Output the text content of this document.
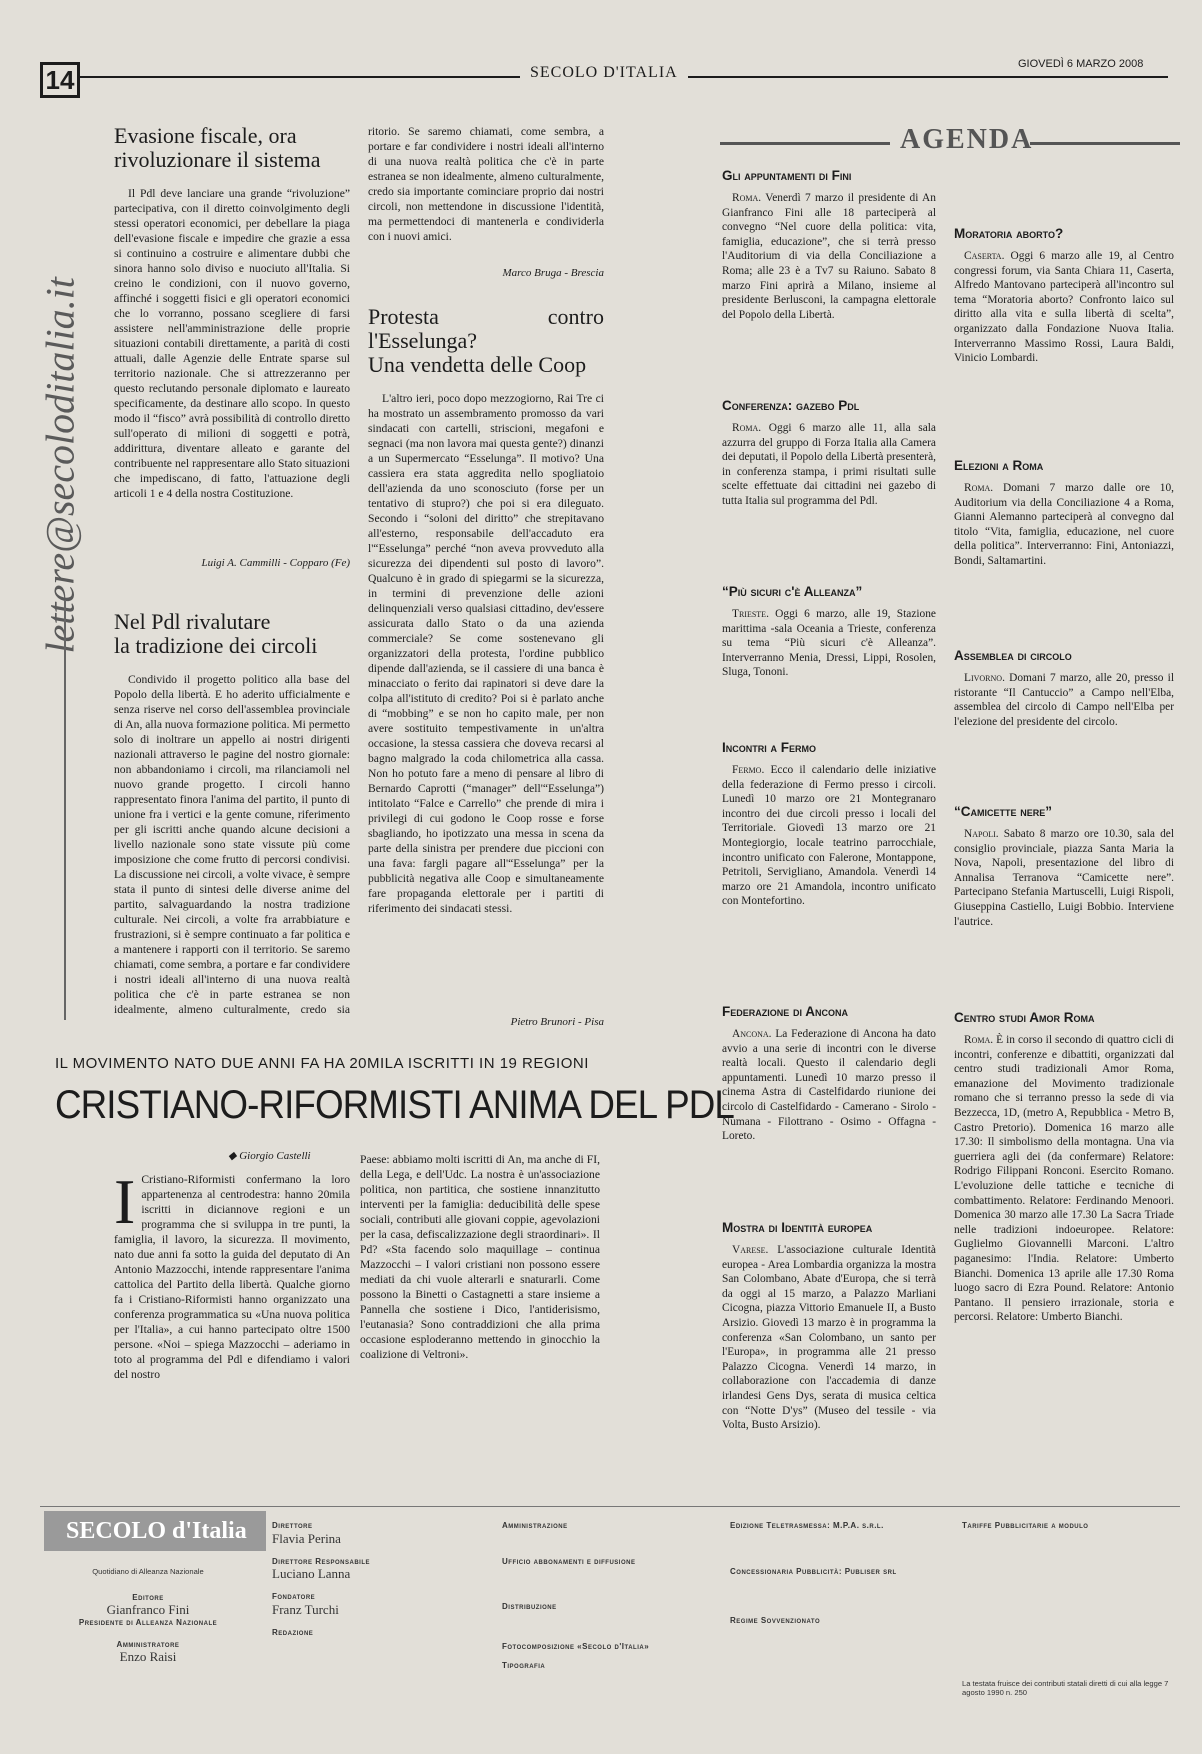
14	SECOLO D'ITALIA	GIOVEDÌ 6 MARZO 2008
lettere@secoloditalia.it
Evasione fiscale, ora
rivoluzionare il sistema

Il Pdl deve lanciare una grande “rivoluzione” partecipativa, con il diretto coinvolgimento degli stessi operatori economici, per debellare la piaga dell'evasione fiscale e impedire che grazie a essa si continuino a costruire e alimentare dubbi che sinora hanno solo diviso e nuociuto all'Italia. Si creino le condizioni, con il nuovo governo, affinché i soggetti fisici e gli operatori economici che lo vorranno, possano scegliere di farsi assistere nell'amministrazione delle proprie situazioni contabili direttamente, a parità di costi attuali, dalle Agenzie delle Entrate sparse sul territorio nazionale. Che si attrezzeranno per questo reclutando personale diplomato e laureato specificamente, da destinare allo scopo. In questo modo il “fisco” avrà possibilità di controllo diretto sull'operato di milioni di soggetti e potrà, addirittura, diventare alleato e garante del contribuente nel rappresentare allo Stato situazioni che impediscano, di fatto, l'attuazione degli articoli 1 e 4 della nostra Costituzione.

Luigi A. Cammilli - Copparo (Fe)
Nel Pdl rivalutare
la tradizione dei circoli

Condivido il progetto politico alla base del Popolo della libertà. E ho aderito ufficialmente e senza riserve nel corso dell'assemblea provinciale di An, alla nuova formazione politica. Mi permetto solo di inoltrare un appello ai nostri dirigenti nazionali attraverso le pagine del nostro giornale: non abbandoniamo i circoli, ma rilanciamoli nel nuovo grande progetto. I circoli hanno rappresentato finora l'anima del partito, il punto di unione fra i vertici e la gente comune, riferimento per gli iscritti anche quando alcune decisioni a livello nazionale sono state vissute più come imposizione che come frutto di percorsi condivisi. La discussione nei circoli, a volte vivace, è sempre stata il punto di sintesi delle diverse anime del partito, salvaguardando la nostra tradizione culturale. Nei circoli, a volte fra arrabbiature e frustrazioni, si è sempre continuato a far politica e a mantenere i rapporti con il territorio. Se saremo chiamati, come sembra, a portare e far condividere i nostri ideali all'interno di una nuova realtà politica che c'è in parte estranea se non idealmente, almeno culturalmente, credo sia

ritorio. Se saremo chiamati, come sembra, a portare e far condividere i nostri ideali all'interno di una nuova realtà politica che c'è in parte estranea se non idealmente, almeno culturalmente, credo sia importante cominciare proprio dai nostri circoli, non mettendone in discussione l'identità, ma permettendoci di mantenerla e condividerla con i nuovi amici.

Marco Bruga - Brescia
Protesta contro l'Esselunga?
Una vendetta delle Coop

L'altro ieri, poco dopo mezzogiorno, Rai Tre ci ha mostrato un assembramento promosso da vari sindacati con cartelli, striscioni, megafoni e segnaci (ma non lavora mai questa gente?) dinanzi a un Supermercato “Esselunga”. Il motivo? Una cassiera era stata aggredita nello spogliatoio dell'azienda da uno sconosciuto (forse per un tentativo di stupro?) che poi si era dileguato. Secondo i “soloni del diritto” che strepitavano all'esterno, responsabile dell'accaduto era l'“Esselunga” perché “non aveva provveduto alla sicurezza dei dipendenti sul posto di lavoro”. Qualcuno è in grado di spiegarmi se la sicurezza, in termini di prevenzione delle azioni delinquenziali verso qualsiasi cittadino, dev'essere assicurata dallo Stato o da una azienda commerciale? Se come sostenevano gli organizzatori della protesta, l'ordine pubblico dipende dall'azienda, se il cassiere di una banca è minacciato o ferito dai rapinatori si deve dare la colpa all'istituto di credito? Poi si è parlato anche di “mobbing” e se non ho capito male, per non avere sostituito tempestivamente in un'altra occasione, la stessa cassiera che doveva recarsi al bagno malgrado la coda chilometrica alla cassa. Non ho potuto fare a meno di pensare al libro di Bernardo Caprotti (“manager” dell'“Esselunga”) intitolato “Falce e Carrello” che prende di mira i privilegi di cui godono le Coop rosse e forse sbagliando, ho ipotizzato una messa in scena da parte della sinistra per prendere due piccioni con una fava: fargli pagare all'“Esselunga” per la pubblicità negativa alle Coop e simultaneamente fare propaganda elettorale per i partiti di riferimento dei sindacati stessi.

Pietro Brunori - Pisa
IL MOVIMENTO NATO DUE ANNI FA HA 20MILA ISCRITTI IN 19 REGIONI
CRISTIANO-RIFORMISTI ANIMA DEL PDL
◆ Giorgio Castelli
I Cristiano-Riformisti confermano la loro appartenenza al centrodestra: hanno 20mila iscritti in diciannove regioni e un programma che si sviluppa in tre punti, la famiglia, il lavoro, la sicurezza. Il movimento, nato due anni fa sotto la guida del deputato di An Antonio Mazzocchi, intende rappresentare l'anima cattolica del Partito della libertà. Qualche giorno fa i Cristiano-Riformisti hanno organizzato una conferenza programmatica su «Una nuova politica per l'Italia», a cui hanno partecipato oltre 1500 persone. «Noi – spiega Mazzocchi – aderiamo in toto al programma del Pdl e difendiamo i valori del nostro

Paese: abbiamo molti iscritti di An, ma anche di FI, della Lega, e dell'Udc. La nostra è un'associazione politica, non partitica, che sostiene innanzitutto interventi per la famiglia: deducibilità delle spese sociali, contributi alle giovani coppie, agevolazioni per la casa, defiscalizzazione degli straordinari». Il Pd? «Sta facendo solo maquillage – continua Mazzocchi – I valori cristiani non possono essere mediati da chi vuole alterarli e snaturarli. Come possono la Binetti o Castagnetti a stare insieme a Pannella che sostiene i Dico, l'antiderisismo, l'eutanasia? Sono contraddizioni che alla prima occasione esploderanno mettendo in ginocchio la coalizione di Veltroni».

AGENDA
Gli appuntamenti di Fini

Roma. Venerdì 7 marzo il presidente di An Gianfranco Fini alle 18 parteciperà al convegno “Nel cuore della politica: vita, famiglia, educazione”, che si terrà presso l'Auditorium di via della Conciliazione a Roma; alle 23 è a Tv7 su Raiuno. Sabato 8 marzo Fini aprirà a Milano, insieme al presidente Berlusconi, la campagna elettorale del Popolo della Libertà.

Conferenza: gazebo Pdl

Roma. Oggi 6 marzo alle 11, alla sala azzurra del gruppo di Forza Italia alla Camera dei deputati, il Popolo della Libertà presenterà, in conferenza stampa, i primi risultati sulle scelte effettuate dai cittadini nei gazebo di tutta Italia sul programma del Pdl.

“Più sicuri c'è Alleanza”

Trieste. Oggi 6 marzo, alle 19, Stazione marittima -sala Oceania a Trieste, conferenza su tema “Più sicuri c'è Alleanza”. Interverranno Menia, Dressi, Lippi, Rosolen, Sluga, Tononi.

Incontri a Fermo

Fermo. Ecco il calendario delle iniziative della federazione di Fermo presso i circoli. Lunedì 10 marzo ore 21 Montegranaro incontro dei due circoli presso i locali del Territoriale. Giovedì 13 marzo ore 21 Montegiorgio, locale teatrino parrocchiale, incontro unificato con Falerone, Montappone, Petritoli, Servigliano, Amandola. Venerdì 14 marzo ore 21 Amandola, incontro unificato con Montefortino.

Federazione di Ancona

Ancona. La Federazione di Ancona ha dato avvio a una serie di incontri con le diverse realtà locali. Questo il calendario degli appuntamenti. Lunedì 10 marzo presso il cinema Astra di Castelfidardo riunione dei circolo di Castelfidardo - Camerano - Sirolo - Numana - Filottrano - Osimo - Offagna - Loreto.

Mostra di Identità europea

Varese. L'associazione culturale Identità europea - Area Lombardia organizza la mostra San Colombano, Abate d'Europa, che si terrà da oggi al 15 marzo, a Palazzo Marliani Cicogna, piazza Vittorio Emanuele II, a Busto Arsizio. Giovedì 13 marzo è in programma la conferenza «San Colombano, un santo per l'Europa», in programma alle 21 presso Palazzo Cicogna. Venerdì 14 marzo, in collaborazione con l'accademia di danze irlandesi Gens Dys, serata di musica celtica con “Notte D'ys” (Museo del tessile - via Volta, Busto Arsizio).

Moratoria aborto?

Caserta. Oggi 6 marzo alle 19, al Centro congressi forum, via Santa Chiara 11, Caserta, Alfredo Mantovano parteciperà all'incontro sul tema “Moratoria aborto? Confronto laico sul diritto alla vita e sulla libertà di scelta”, organizzato dalla Fondazione Nuova Italia. Interverranno Massimo Rossi, Laura Baldi, Vinicio Lombardi.

Elezioni a Roma

Roma. Domani 7 marzo dalle ore 10, Auditorium via della Conciliazione 4 a Roma, Gianni Alemanno parteciperà al convegno dal titolo “Vita, famiglia, educazione, nel cuore della politica”. Interverranno: Fini, Antoniazzi, Bondi, Saltamartini.

Assemblea di circolo

Livorno. Domani 7 marzo, alle 20, presso il ristorante “Il Cantuccio” a Campo nell'Elba, assemblea del circolo di Campo nell'Elba per l'elezione del presidente del circolo.

“Camicette nere”

Napoli. Sabato 8 marzo ore 10.30, sala del consiglio provinciale, piazza Santa Maria la Nova, Napoli, presentazione del libro di Annalisa Terranova “Camicette nere”. Partecipano Stefania Martuscelli, Luigi Rispoli, Giuseppina Castiello, Luigi Bobbio. Interviene l'autrice.

Centro studi Amor Roma

Roma. È in corso il secondo di quattro cicli di incontri, conferenze e dibattiti, organizzati dal centro studi tradizionali Amor Roma, emanazione del Movimento tradizionale romano che si terranno presso la sede di via Bezzecca, 1D, (metro A, Repubblica - Metro B, Castro Pretorio). Domenica 16 marzo alle 17.30: Il simbolismo della montagna. Una via guerriera agli dei (da confermare) Relatore: Rodrigo Filippani Ronconi. Esercito Romano. L'evoluzione delle tattiche e tecniche di combattimento. Relatore: Ferdinando Menoori. Domenica 30 marzo alle 17.30 La Sacra Triade nelle tradizioni indoeuropee. Relatore: Guglielmo Giovannelli Marconi. L'altro paganesimo: l'India. Relatore: Umberto Bianchi. Domenica 13 aprile alle 17.30 Roma luogo sacro di Ezra Pound. Relatore: Antonio Pantano. Il pensiero irrazionale, storia e percorsi. Relatore: Umberto Bianchi.

SECOLO d'Italia
Quotidiano di Alleanza Nazionale
Editore
Gianfranco Fini
Presidente di Alleanza Nazionale
Amministratore
Enzo Raisi
Direttore
Flavia Perina
Direttore Responsabile
Luciano Lanna
Fondatore
Franz Turchi
Redazione
Amministrazione
Ufficio abbonamenti e diffusione
Distribuzione
Fotocomposizione «Secolo d'Italia»
Tipografia
Edizione Teletrasmessa: M.P.A. s.r.l.
Concessionaria Pubblicità: Publiser srl
Regime Sovvenzionato
Tariffe Pubblicitarie a modulo
La testata fruisce dei contributi statali diretti di cui alla legge 7 agosto 1990 n. 250
